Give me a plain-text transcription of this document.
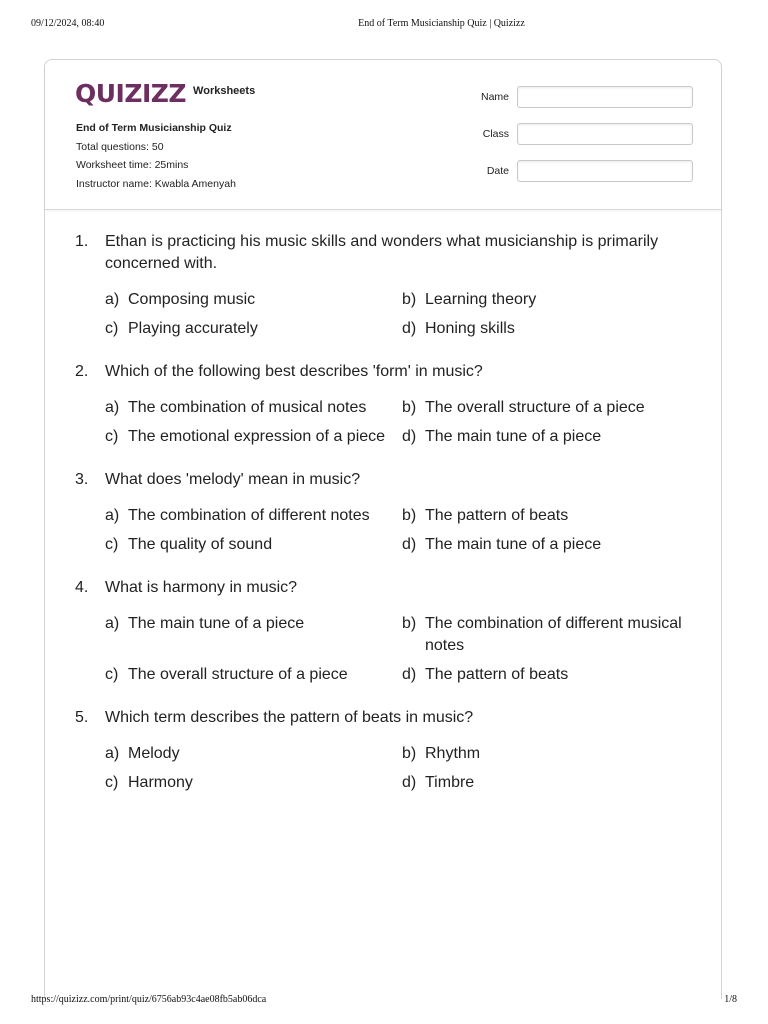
09/12/2024, 08:40	End of Term Musicianship Quiz | Quizizz
QUIZIZZ Worksheets
End of Term Musicianship Quiz
Total questions: 50
Worksheet time: 25mins
Instructor name: Kwabla Amenyah
Name
Class
Date
1.	Ethan is practicing his music skills and wonders what musicianship is primarily concerned with.
a) Composing music	b) Learning theory
c) Playing accurately	d) Honing skills
2.	Which of the following best describes 'form' in music?
a) The combination of musical notes	b) The overall structure of a piece
c) The emotional expression of a piece	d) The main tune of a piece
3.	What does 'melody' mean in music?
a) The combination of different notes	b) The pattern of beats
c) The quality of sound	d) The main tune of a piece
4.	What is harmony in music?
a) The main tune of a piece	b) The combination of different musical notes
c) The overall structure of a piece	d) The pattern of beats
5.	Which term describes the pattern of beats in music?
a) Melody	b) Rhythm
c) Harmony	d) Timbre
https://quizizz.com/print/quiz/6756ab93c4ae08fb5ab06dca	1/8
